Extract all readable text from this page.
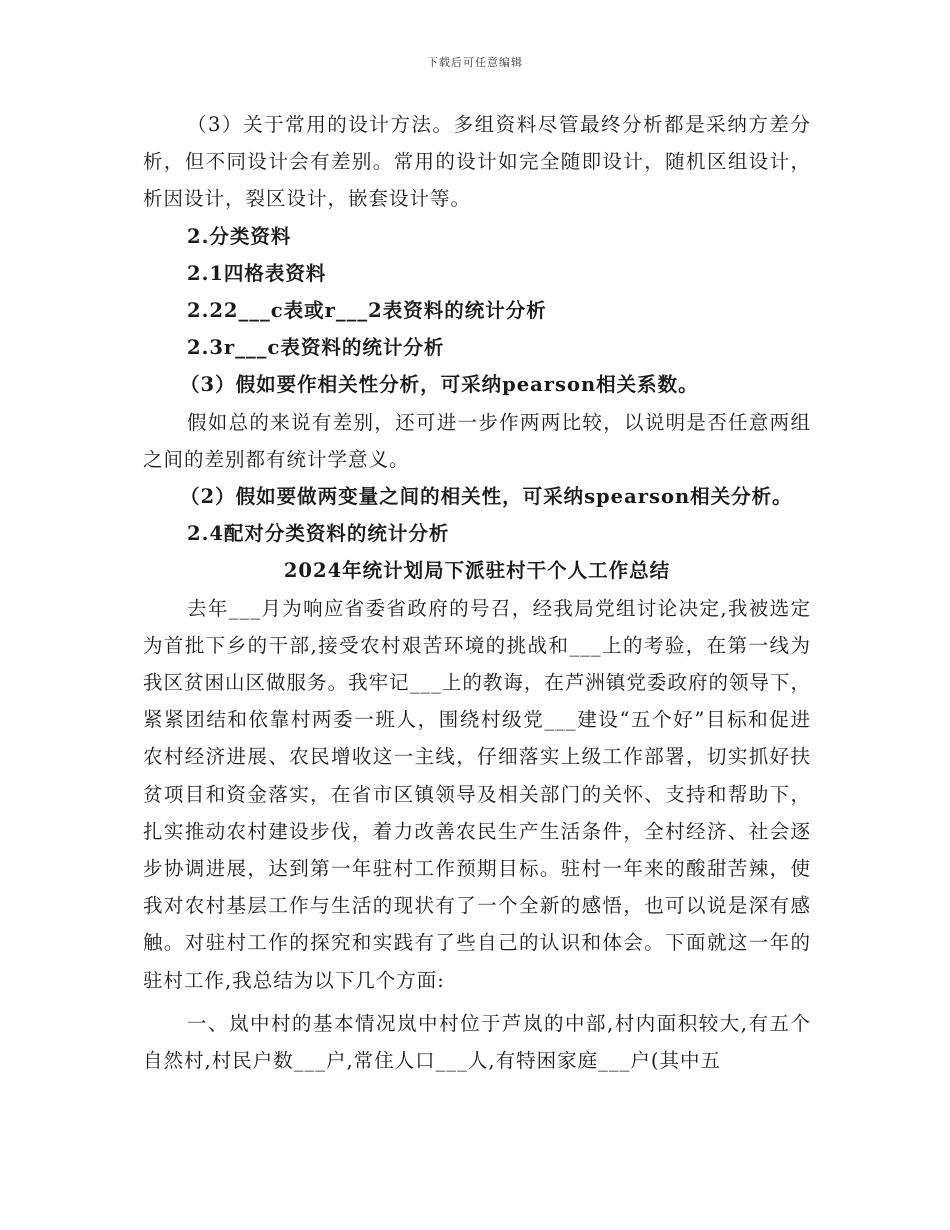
下载后可任意编辑

（3）关于常用的设计方法。多组资料尽管最终分析都是采纳方差分析，但不同设计会有差别。常用的设计如完全随即设计，随机区组设计，析因设计，裂区设计，嵌套设计等。

2.分类资料

2.1四格表资料

2.22___c表或r___2表资料的统计分析

2.3r___c表资料的统计分析

（3）假如要作相关性分析，可采纳pearson相关系数。

假如总的来说有差别，还可进一步作两两比较，以说明是否任意两组之间的差别都有统计学意义。

（2）假如要做两变量之间的相关性，可采纳spearson相关分析。

2.4配对分类资料的统计分析

2024年统计划局下派驻村干个人工作总结

去年___月为响应省委省政府的号召，经我局党组讨论决定,我被选定为首批下乡的干部,接受农村艰苦环境的挑战和___上的考验，在第一线为我区贫困山区做服务。我牢记___上的教诲，在芦洲镇党委政府的领导下，紧紧团结和依靠村两委一班人，围绕村级党___建设“五个好”目标和促进农村经济进展、农民增收这一主线，仔细落实上级工作部署，切实抓好扶贫项目和资金落实，在省市区镇领导及相关部门的关怀、支持和帮助下，扎实推动农村建设步伐，着力改善农民生产生活条件，全村经济、社会逐步协调进展，达到第一年驻村工作预期目标。驻村一年来的酸甜苦辣，使我对农村基层工作与生活的现状有了一个全新的感悟，也可以说是深有感触。对驻村工作的探究和实践有了些自己的认识和体会。下面就这一年的驻村工作,我总结为以下几个方面:

一、岚中村的基本情况岚中村位于芦岚的中部,村内面积较大,有五个自然村,村民户数___户,常住人口___人,有特困家庭___户(其中五
